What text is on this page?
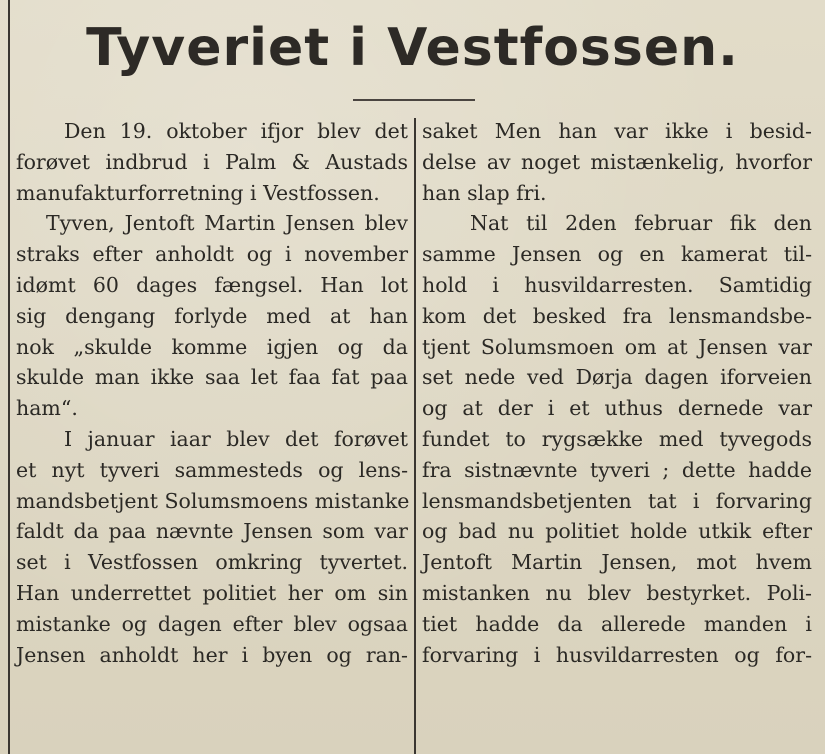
Tyveriet i Vestfossen.
Den 19. oktober ifjor blev det
forøvet indbrud i Palm & Austads
manufakturforretning i Vestfossen.
Tyven, Jentoft Martin Jensen blev
straks efter anholdt og i november
idømt 60 dages fængsel. Han lot
sig dengang forlyde med at han
nok „skulde komme igjen og da
skulde man ikke saa let faa fat paa
ham“.
I januar iaar blev det forøvet
et nyt tyveri sammesteds og lens-
mandsbetjent Solumsmoens mistanke
faldt da paa nævnte Jensen som var
set i Vestfossen omkring tyvertet.
Han underrettet politiet her om sin
mistanke og dagen efter blev ogsaa
Jensen anholdt her i byen og ran-
saket Men han var ikke i besid-
delse av noget mistænkelig, hvorfor
han slap fri.
Nat til 2den februar fik den
samme Jensen og en kamerat til-
hold i husvildarresten. Samtidig
kom det besked fra lensmandsbe-
tjent Solumsmoen om at Jensen var
set nede ved Dørja dagen iforveien
og at der i et uthus dernede var
fundet to rygsække med tyvegods
fra sistnævnte tyveri ; dette hadde
lensmandsbetjenten tat i forvaring
og bad nu politiet holde utkik efter
Jentoft Martin Jensen, mot hvem
mistanken nu blev bestyrket. Poli-
tiet hadde da allerede manden i
forvaring i husvildarresten og for-
